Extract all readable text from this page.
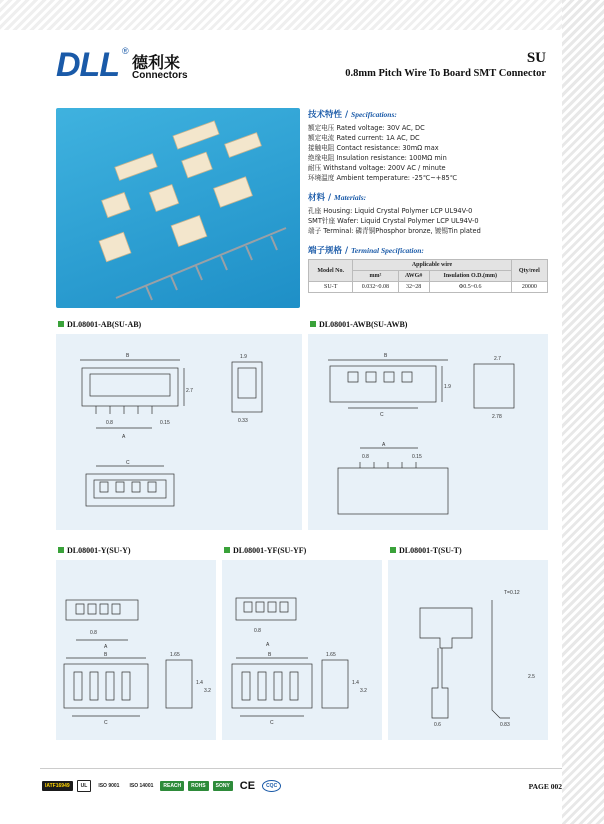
DLL ®
德利来
Connectors
SU
0.8mm Pitch Wire To Board SMT Connector
技术特性 / Specifications:
额定电压 Rated voltage: 30V AC, DC
额定电流 Rated current: 1A AC, DC
接触电阻 Contact resistance: 30mΩ max
绝缘电阻 Insulation resistance: 100MΩ min
耐压 Withstand voltage: 200V AC / minute
环境温度 Ambient temperature: -25℃~+85℃
材料 / Materials:
孔座 Housing: Liquid Crystal Polymer LCP UL94V-0
SMT针座 Wafer: Liquid Crystal Polymer LCP UL94V-0
端子 Terminal: 磷青铜Phosphor bronze, 镀锡Tin plated
端子规格 / Terminal Specification:
Model No.	Applicable wire			Qty/reel
	mm²	AWG#	Insulation O.D.(mm)	
SU-T	0.032~0.08	32~28	Φ0.5~0.6	20000
DL08001-AB(SU-AB)	DL08001-AWB(SU-AWB)
DL08001-Y(SU-Y)	DL08001-YF(SU-YF)	DL08001-T(SU-T)
B
2.7
A
0.8	0.15
1.9
0.33
C
B
1.9
C
2.7
2.78
A
0.8	0.15
0.8
A
B
C
1.65
1.4
3.2
0.8
A
B
C
1.65
1.4
3.2
0.6
T=0.12
2.5
0.83
IATF16949	UL	ISO 9001	ISO 14001	REACH	ROHS	SONY CE	CQC	PAGE 002
